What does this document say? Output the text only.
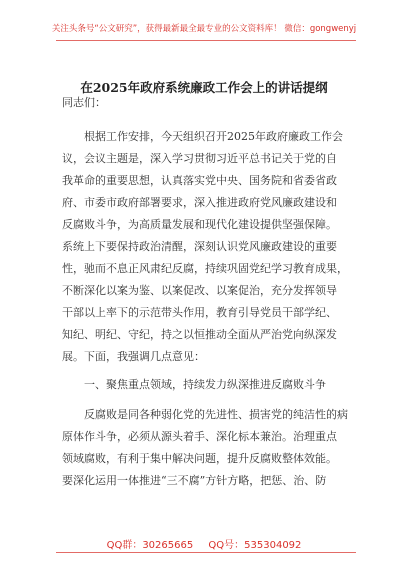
关注头条号“公文研究”，获得最新最全最专业的公文资料库！ 微信：gongwenyj
在2025年政府系统廉政工作会上的讲话提纲
同志们：
根据工作安排，今天组织召开2025年政府廉政工作会
议，会议主题是，深入学习贯彻习近平总书记关于党的自
我革命的重要思想，认真落实党中央、国务院和省委省政
府、市委市政府部署要求，深入推进政府党风廉政建设和
反腐败斗争，为高质量发展和现代化建设提供坚强保障。
系统上下要保持政治清醒，深刻认识党风廉政建设的重要
性，驰而不息正风肃纪反腐，持续巩固党纪学习教育成果，
不断深化以案为鉴、以案促改、以案促治，充分发挥领导
干部以上率下的示范带头作用，教育引导党员干部学纪、
知纪、明纪、守纪，持之以恒推动全面从严治党向纵深发
展。下面，我强调几点意见：
一、聚焦重点领域，持续发力纵深推进反腐败斗争
反腐败是同各种弱化党的先进性、损害党的纯洁性的病
原体作斗争，必须从源头着手、深化标本兼治。治理重点
领域腐败，有利于集中解决问题，提升反腐败整体效能。
要深化运用一体推进“三不腐”方针方略，把惩、治、防
QQ群：30265665 QQ号：535304092
